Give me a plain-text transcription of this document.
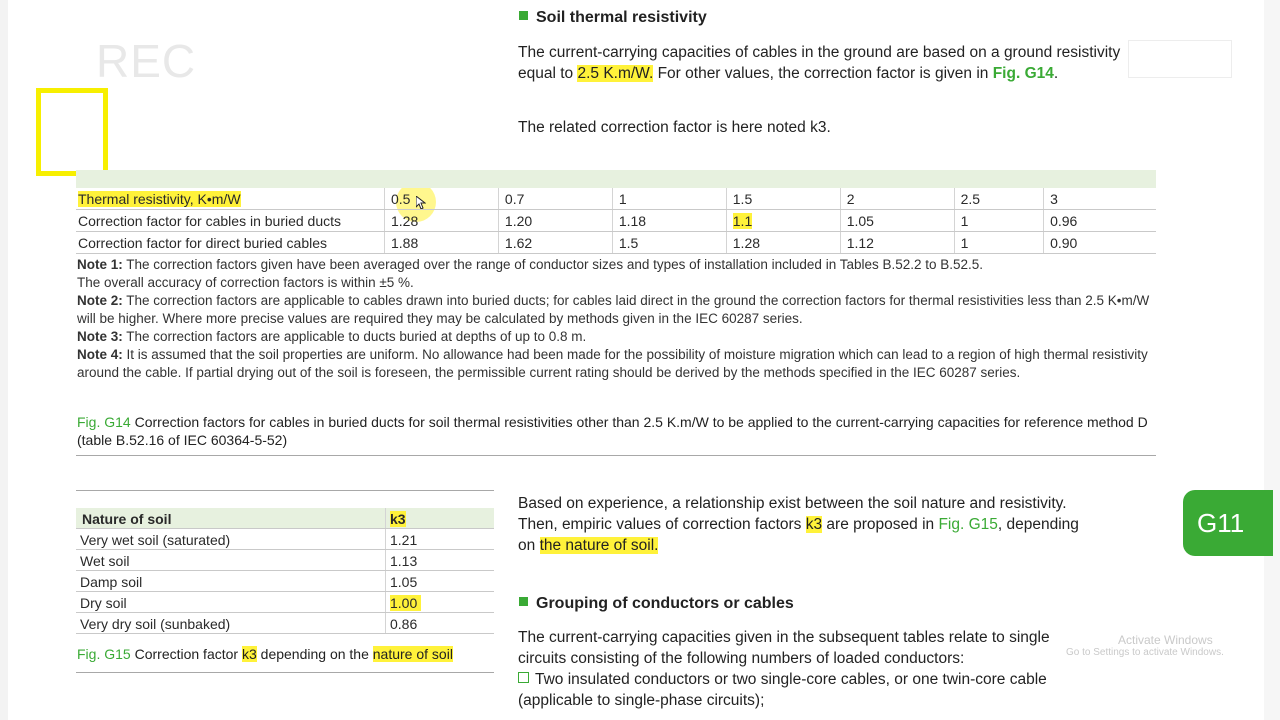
REC
Soil thermal resistivity
The current-carrying capacities of cables in the ground are based on a ground resistivity equal to 2.5 K.m/W. For other values, the correction factor is given in Fig. G14.
The related correction factor is here noted k3.

Thermal resistivity, K•m/W	0.5	0.7	1	1.5	2	2.5	3
Correction factor for cables in buried ducts	1.28	1.20	1.18	1.1	1.05	1	0.96
Correction factor for direct buried cables	1.88	1.62	1.5	1.28	1.12	1	0.90

Note 1: The correction factors given have been averaged over the range of conductor sizes and types of installation included in Tables B.52.2 to B.52.5.

The overall accuracy of correction factors is within ±5 %.

Note 2: The correction factors are applicable to cables drawn into buried ducts; for cables laid direct in the ground the correction factors for thermal resistivities less than 2.5 K•m/W will be higher. Where more precise values are required they may be calculated by methods given in the IEC 60287 series.

Note 3: The correction factors are applicable to ducts buried at depths of up to 0.8 m.

Note 4: It is assumed that the soil properties are uniform. No allowance had been made for the possibility of moisture migration which can lead to a region of high thermal resistivity around the cable. If partial drying out of the soil is foreseen, the permissible current rating should be derived by the methods specified in the IEC 60287 series.

Fig. G14 Correction factors for cables in buried ducts for soil thermal resistivities other than 2.5 K.m/W to be applied to the current-carrying capacities for reference method D (table B.52.16 of IEC 60364-5-52)
Nature of soil	k3
Very wet soil (saturated)	1.21
Wet soil	1.13
Damp soil	1.05
Dry soil	1.00
Very dry soil (sunbaked)	0.86
Fig. G15 Correction factor k3 depending on the nature of soil
Based on experience, a relationship exist between the soil nature and resistivity.
Then, empiric values of correction factors k3 are proposed in Fig. G15, depending
on the nature of soil.
Grouping of conductors or cables
The current-carrying capacities given in the subsequent tables relate to single
circuits consisting of the following numbers of loaded conductors:
Two insulated conductors or two single-core cables, or one twin-core cable
(applicable to single-phase circuits);
G11
Activate Windows
Go to Settings to activate Windows.
